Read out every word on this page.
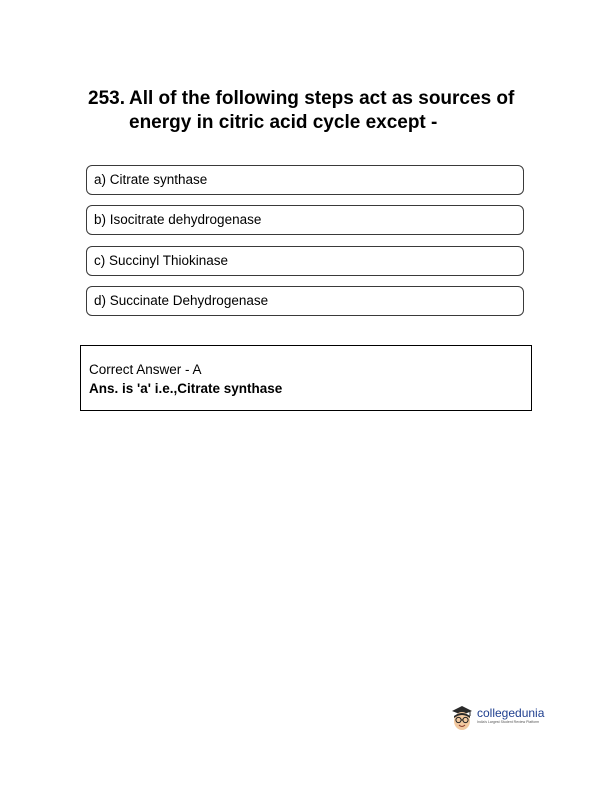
253. All of the following steps act as sources of energy in citric acid cycle except -
a) Citrate synthase
b) Isocitrate dehydrogenase
c) Succinyl Thiokinase
d) Succinate Dehydrogenase
Correct Answer - A
Ans. is 'a' i.e.,Citrate synthase
collegedunia
India's Largest Student Review Platform
